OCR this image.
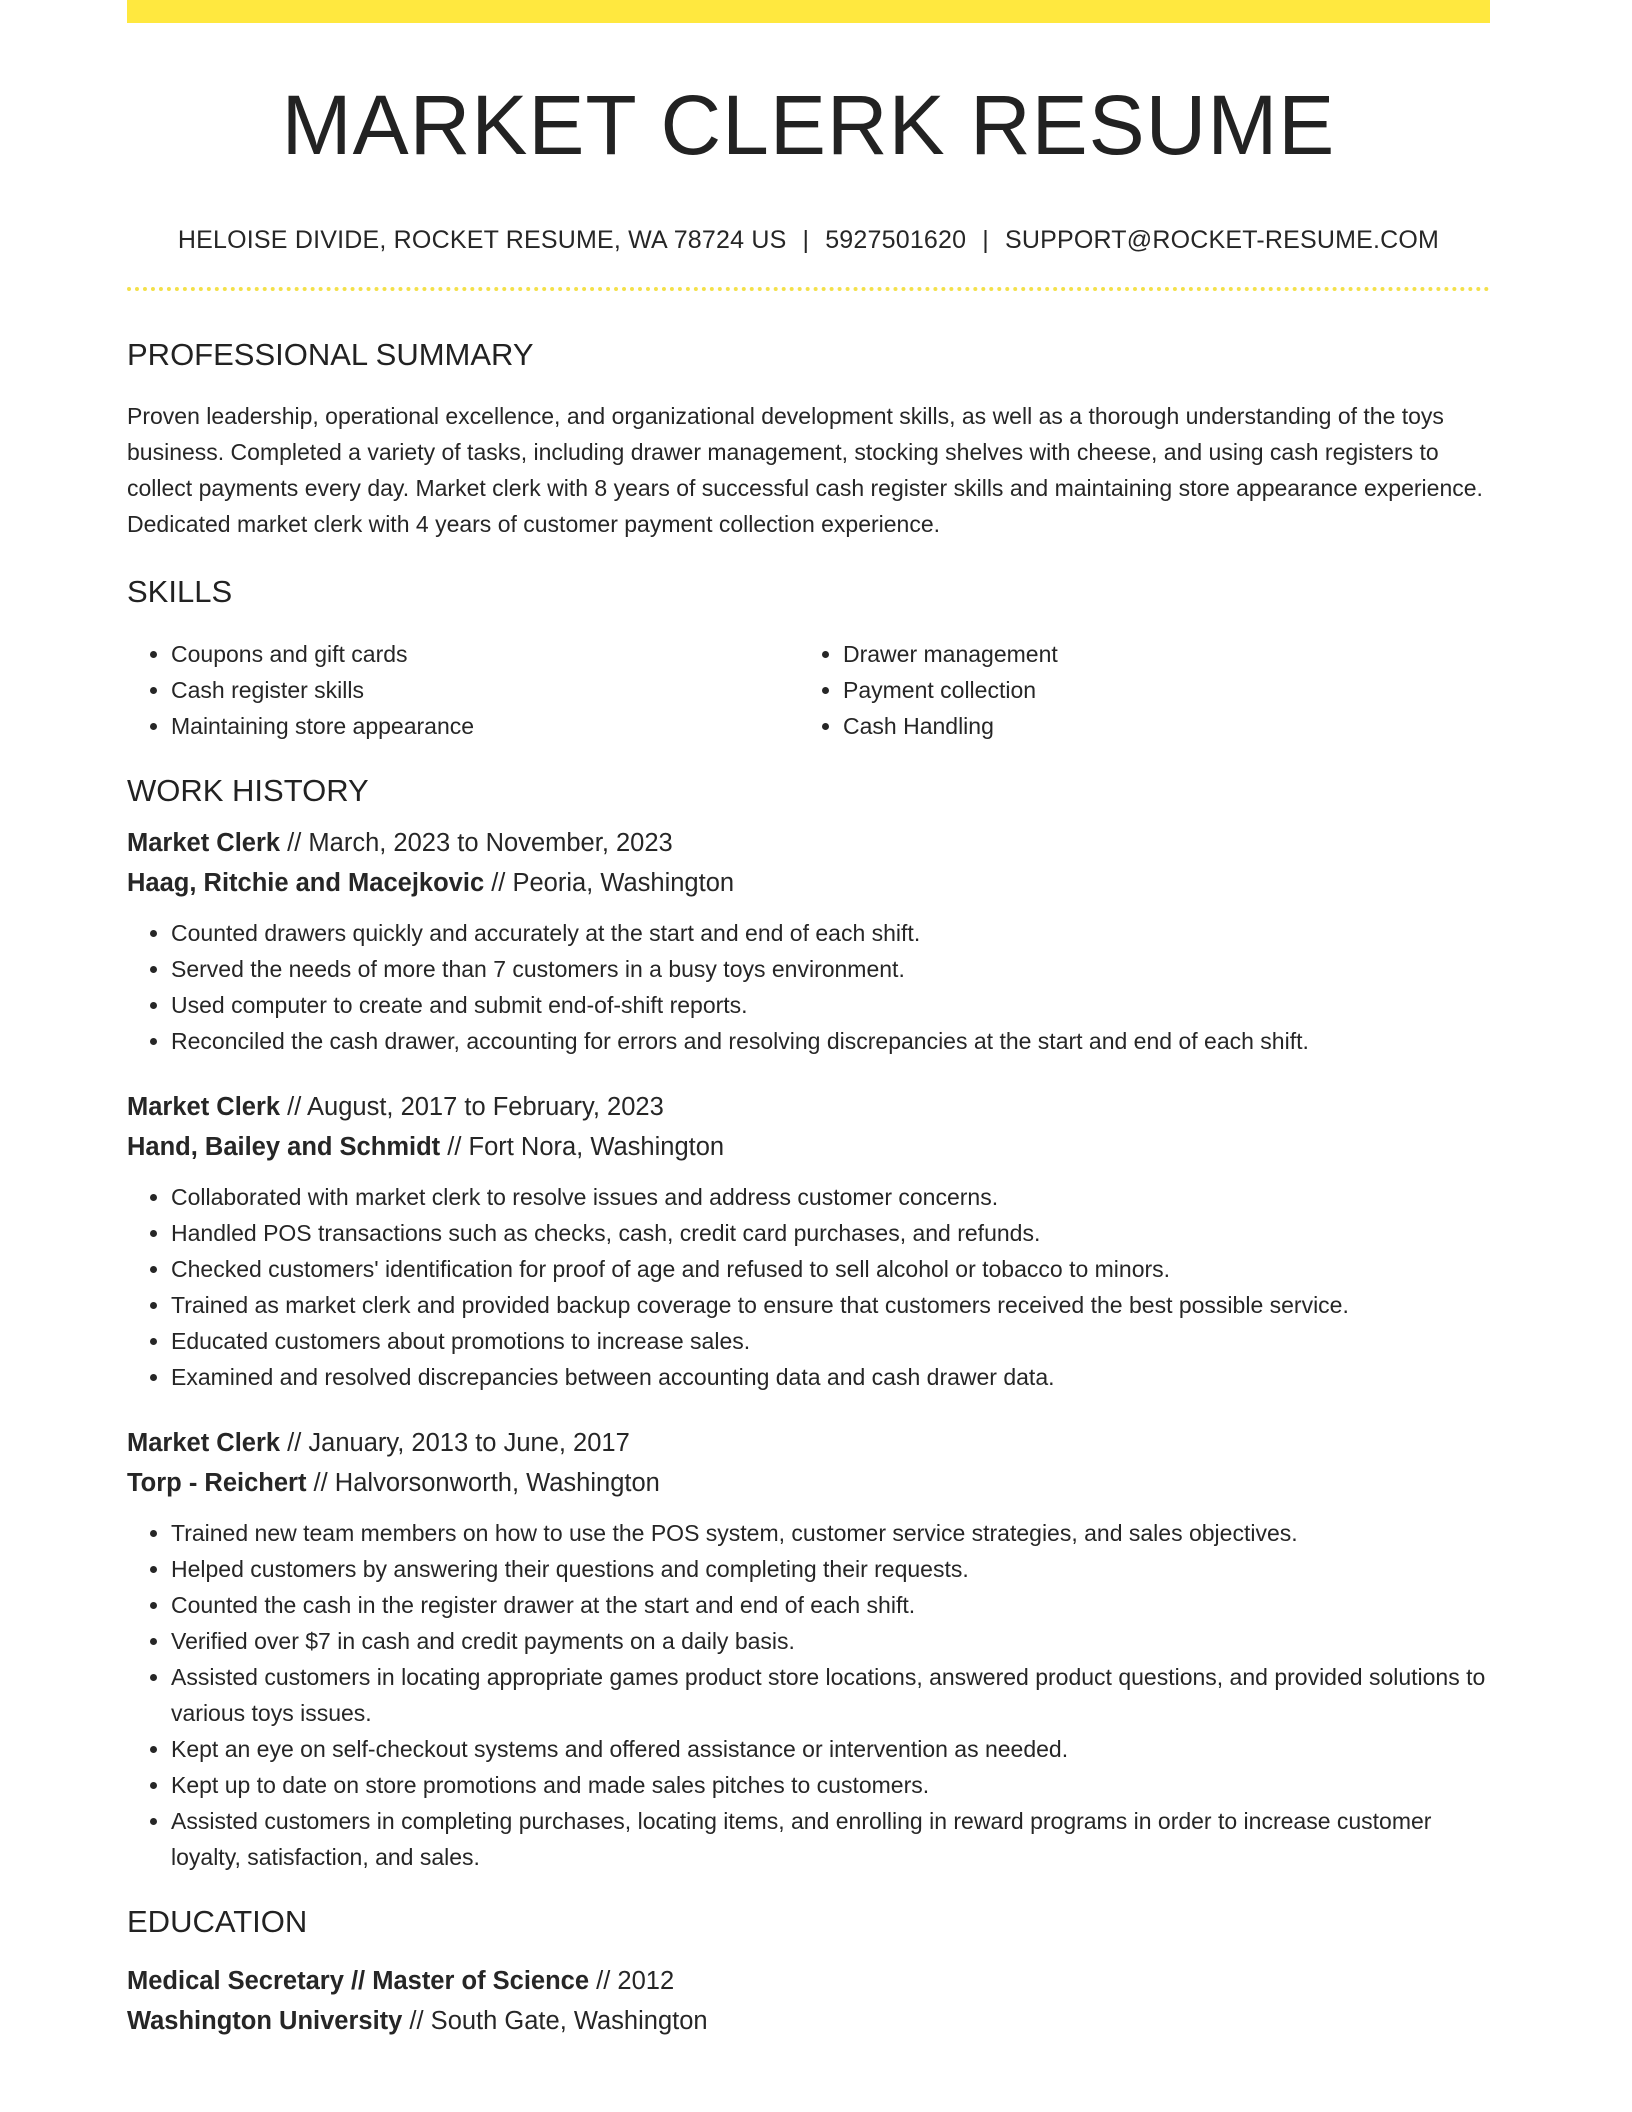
MARKET CLERK RESUME
HELOISE DIVIDE, ROCKET RESUME, WA 78724 US | 5927501620 | SUPPORT@ROCKET-RESUME.COM
PROFESSIONAL SUMMARY

Proven leadership, operational excellence, and organizational development skills, as well as a thorough understanding of the toys business. Completed a variety of tasks, including drawer management, stocking shelves with cheese, and using cash registers to collect payments every day. Market clerk with 8 years of successful cash register skills and maintaining store appearance experience. Dedicated market clerk with 4 years of customer payment collection experience.

SKILLS
• Coupons and gift cards
• Cash register skills
• Maintaining store appearance
• Drawer management
• Payment collection
• Cash Handling
WORK HISTORY

Market Clerk // March, 2023 to November, 2023

Haag, Ritchie and Macejkovic // Peoria, Washington

• Counted drawers quickly and accurately at the start and end of each shift.
• Served the needs of more than 7 customers in a busy toys environment.
• Used computer to create and submit end-of-shift reports.
• Reconciled the cash drawer, accounting for errors and resolving discrepancies at the start and end of each shift.

Market Clerk // August, 2017 to February, 2023

Hand, Bailey and Schmidt // Fort Nora, Washington

• Collaborated with market clerk to resolve issues and address customer concerns.
• Handled POS transactions such as checks, cash, credit card purchases, and refunds.
• Checked customers' identification for proof of age and refused to sell alcohol or tobacco to minors.
• Trained as market clerk and provided backup coverage to ensure that customers received the best possible service.
• Educated customers about promotions to increase sales.
• Examined and resolved discrepancies between accounting data and cash drawer data.

Market Clerk // January, 2013 to June, 2017

Torp - Reichert // Halvorsonworth, Washington

• Trained new team members on how to use the POS system, customer service strategies, and sales objectives.
• Helped customers by answering their questions and completing their requests.
• Counted the cash in the register drawer at the start and end of each shift.
• Verified over $7 in cash and credit payments on a daily basis.
• Assisted customers in locating appropriate games product store locations, answered product questions, and provided solutions to various toys issues.
• Kept an eye on self-checkout systems and offered assistance or intervention as needed.
• Kept up to date on store promotions and made sales pitches to customers.
• Assisted customers in completing purchases, locating items, and enrolling in reward programs in order to increase customer loyalty, satisfaction, and sales.
EDUCATION

Medical Secretary // Master of Science // 2012

Washington University // South Gate, Washington
